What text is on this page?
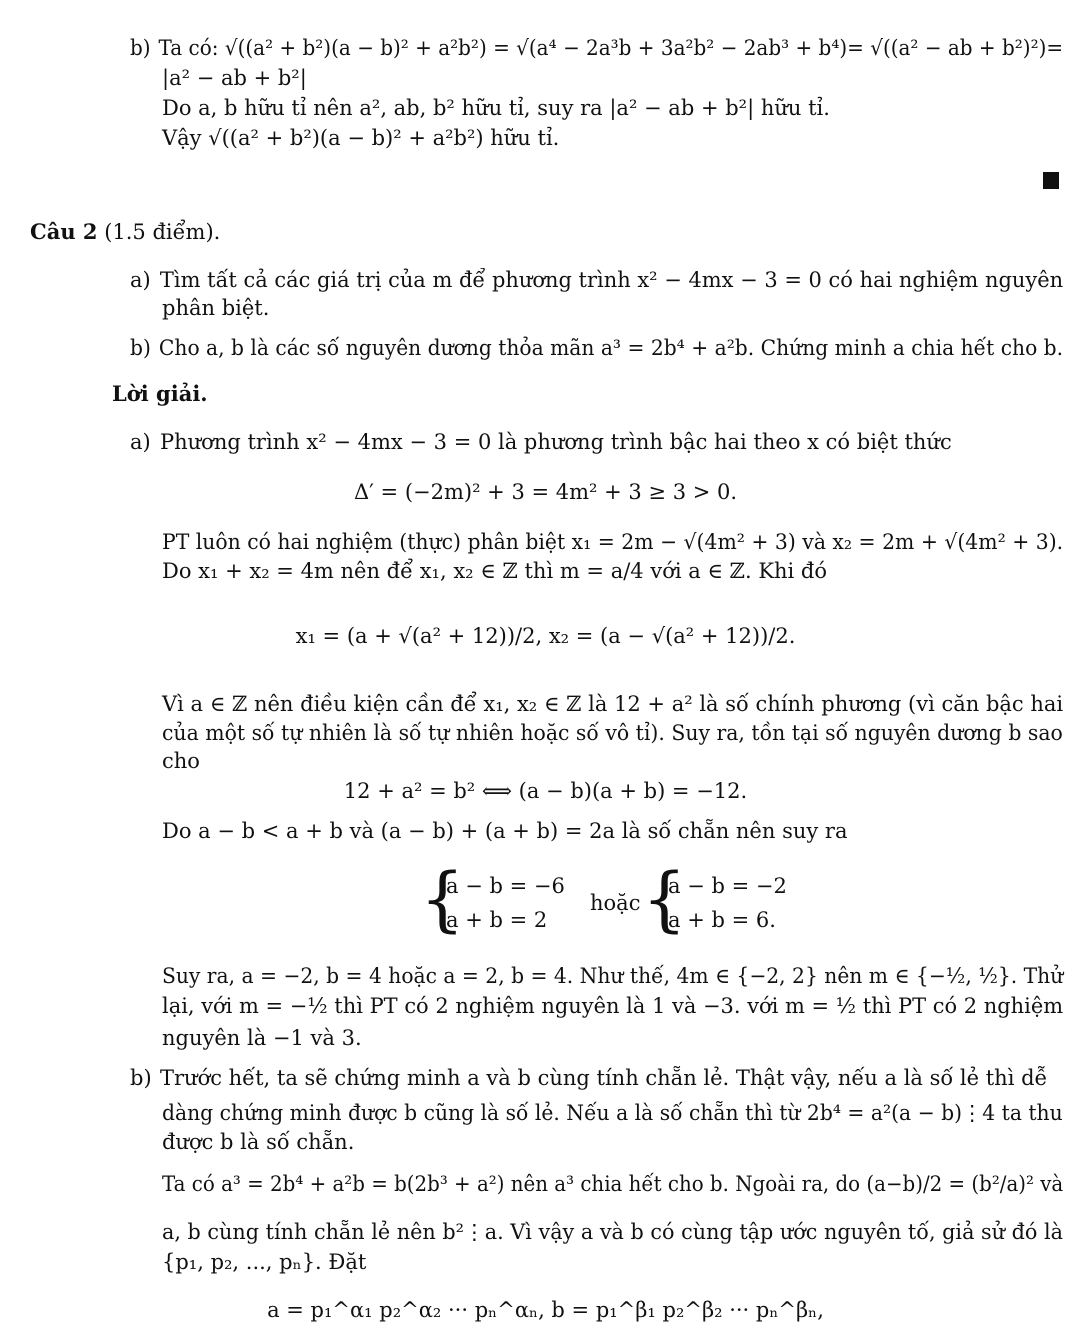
b) Ta có: √((a² + b²)(a − b)² + a²b²) = √(a⁴ − 2a³b + 3a²b² − 2ab³ + b⁴)= √((a² − ab + b²)²)=
|a² − ab + b²|
Do a, b hữu tỉ nên a², ab, b² hữu tỉ, suy ra |a² − ab + b²| hữu tỉ.
Vậy √((a² + b²)(a − b)² + a²b²) hữu tỉ.
Câu 2 (1.5 điểm).
a) Tìm tất cả các giá trị của m để phương trình x² − 4mx − 3 = 0 có hai nghiệm nguyên
phân biệt.
b) Cho a, b là các số nguyên dương thỏa mãn a³ = 2b⁴ + a²b. Chứng minh a chia hết cho b.
Lời giải.
a) Phương trình x² − 4mx − 3 = 0 là phương trình bậc hai theo x có biệt thức
Δ′ = (−2m)² + 3 = 4m² + 3 ≥ 3 > 0.
PT luôn có hai nghiệm (thực) phân biệt x₁ = 2m − √(4m² + 3) và x₂ = 2m + √(4m² + 3).
Do x₁ + x₂ = 4m nên để x₁, x₂ ∈ ℤ thì m = a/4 với a ∈ ℤ. Khi đó
x₁ = (a + √(a² + 12))/2, x₂ = (a − √(a² + 12))/2.
Vì a ∈ ℤ nên điều kiện cần để x₁, x₂ ∈ ℤ là 12 + a² là số chính phương (vì căn bậc hai
của một số tự nhiên là số tự nhiên hoặc số vô tỉ). Suy ra, tồn tại số nguyên dương b sao
cho
12 + a² = b² ⟺ (a − b)(a + b) = −12.
Do a − b < a + b và (a − b) + (a + b) = 2a là số chẵn nên suy ra
{
a − b = −6
a + b = 2
hoặc {
a − b = −2
a + b = 6.
Suy ra, a = −2, b = 4 hoặc a = 2, b = 4. Như thế, 4m ∈ {−2, 2} nên m ∈ {−½, ½}. Thử
lại, với m = −½ thì PT có 2 nghiệm nguyên là 1 và −3. với m = ½ thì PT có 2 nghiệm
nguyên là −1 và 3.
b) Trước hết, ta sẽ chứng minh a và b cùng tính chẵn lẻ. Thật vậy, nếu a là số lẻ thì dễ
dàng chứng minh được b cũng là số lẻ. Nếu a là số chẵn thì từ 2b⁴ = a²(a − b)⋮4 ta thu
được b là số chẵn.
Ta có a³ = 2b⁴ + a²b = b(2b³ + a²) nên a³ chia hết cho b. Ngoài ra, do (a−b)/2 = (b²/a)² và
a, b cùng tính chẵn lẻ nên b²⋮a. Vì vậy a và b có cùng tập ước nguyên tố, giả sử đó là
{p₁, p₂, ..., pₙ}. Đặt
a = p₁^α₁ p₂^α₂ ··· pₙ^αₙ, b = p₁^β₁ p₂^β₂ ··· pₙ^βₙ,
